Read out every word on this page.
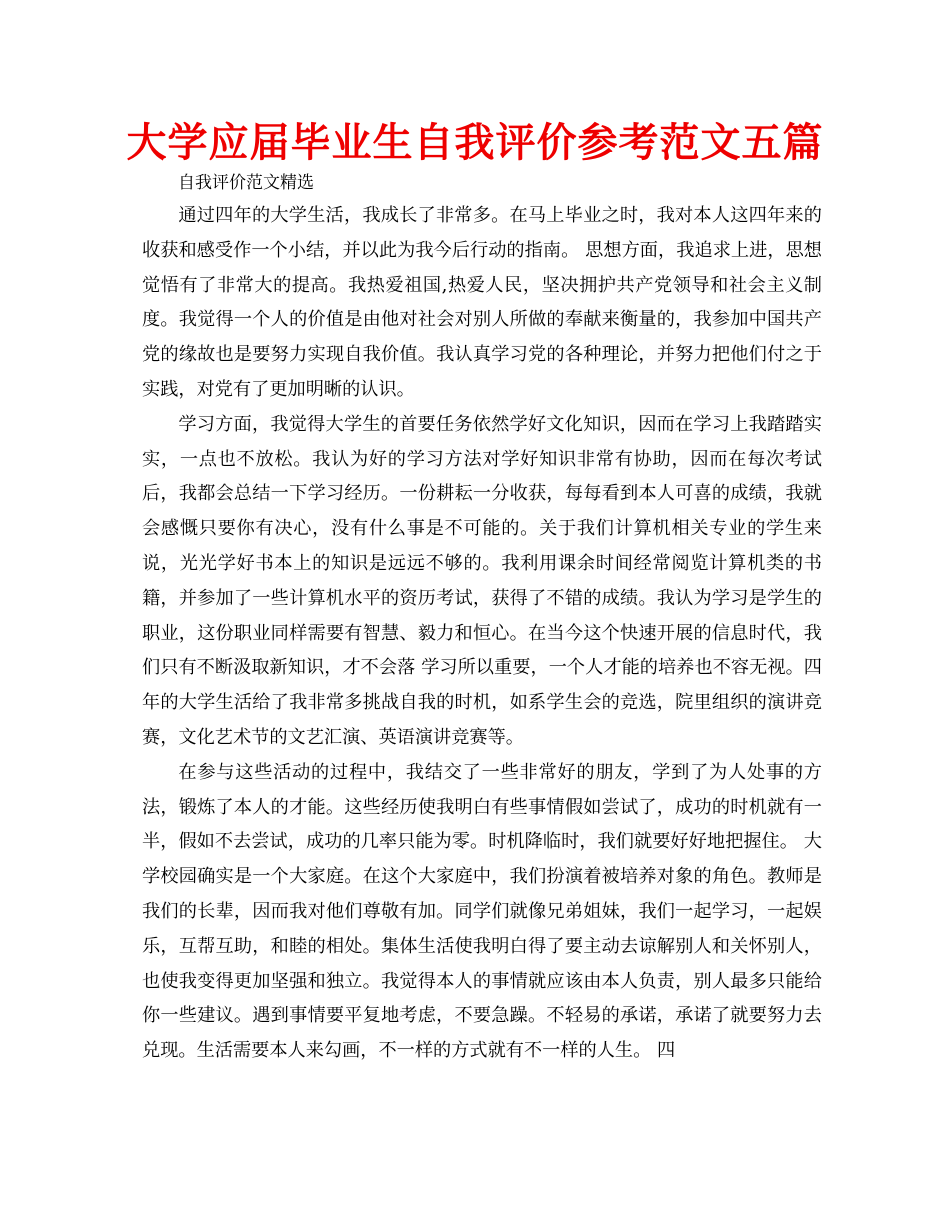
大学应届毕业生自我评价参考范文五篇

自我评价范文精选

通过四年的大学生活，我成长了非常多。在马上毕业之时，我对本人这四年来的收获和感受作一个小结，并以此为我今后行动的指南。 思想方面，我追求上进，思想觉悟有了非常大的提高。我热爱祖国,热爱人民，坚决拥护共产党领导和社会主义制度。我觉得一个人的价值是由他对社会对别人所做的奉献来衡量的，我参加中国共产党的缘故也是要努力实现自我价值。我认真学习党的各种理论，并努力把他们付之于实践，对党有了更加明晰的认识。

学习方面，我觉得大学生的首要任务依然学好文化知识，因而在学习上我踏踏实实，一点也不放松。我认为好的学习方法对学好知识非常有协助，因而在每次考试后，我都会总结一下学习经历。一份耕耘一分收获，每每看到本人可喜的成绩，我就会感慨只要你有决心，没有什么事是不可能的。关于我们计算机相关专业的学生来说，光光学好书本上的知识是远远不够的。我利用课余时间经常阅览计算机类的书籍，并参加了一些计算机水平的资历考试，获得了不错的成绩。我认为学习是学生的职业，这份职业同样需要有智慧、毅力和恒心。在当今这个快速开展的信息时代，我们只有不断汲取新知识，才不会落 学习所以重要，一个人才能的培养也不容无视。四年的大学生活给了我非常多挑战自我的时机，如系学生会的竞选，院里组织的演讲竞赛，文化艺术节的文艺汇演、英语演讲竞赛等。

在参与这些活动的过程中，我结交了一些非常好的朋友，学到了为人处事的方法，锻炼了本人的才能。这些经历使我明白有些事情假如尝试了，成功的时机就有一半，假如不去尝试，成功的几率只能为零。时机降临时，我们就要好好地把握住。 大学校园确实是一个大家庭。在这个大家庭中，我们扮演着被培养对象的角色。教师是我们的长辈，因而我对他们尊敬有加。同学们就像兄弟姐妹，我们一起学习，一起娱乐，互帮互助，和睦的相处。集体生活使我明白得了要主动去谅解别人和关怀别人，也使我变得更加坚强和独立。我觉得本人的事情就应该由本人负责，别人最多只能给你一些建议。遇到事情要平复地考虑，不要急躁。不轻易的承诺，承诺了就要努力去兑现。生活需要本人来勾画，不一样的方式就有不一样的人生。 四
